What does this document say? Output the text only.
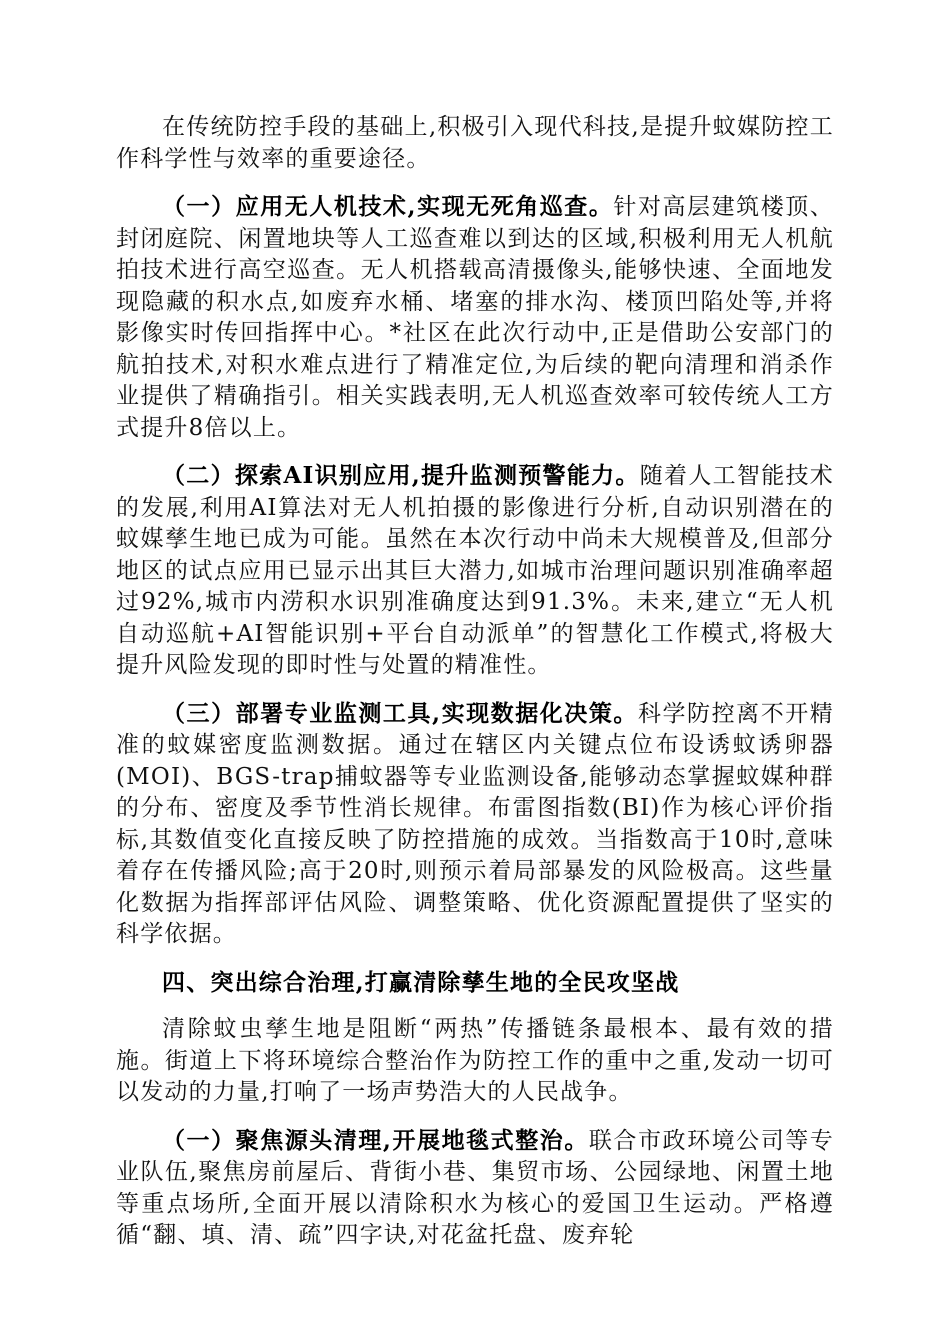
在传统防控手段的基础上,积极引入现代科技,是提升蚊媒防控工作科学性与效率的重要途径。

（一）应用无人机技术,实现无死角巡查。针对高层建筑楼顶、封闭庭院、闲置地块等人工巡查难以到达的区域,积极利用无人机航拍技术进行高空巡查。无人机搭载高清摄像头,能够快速、全面地发现隐藏的积水点,如废弃水桶、堵塞的排水沟、楼顶凹陷处等,并将影像实时传回指挥中心。*社区在此次行动中,正是借助公安部门的航拍技术,对积水难点进行了精准定位,为后续的靶向清理和消杀作业提供了精确指引。相关实践表明,无人机巡查效率可较传统人工方式提升8倍以上。

（二）探索AI识别应用,提升监测预警能力。随着人工智能技术的发展,利用AI算法对无人机拍摄的影像进行分析,自动识别潜在的蚊媒孳生地已成为可能。虽然在本次行动中尚未大规模普及,但部分地区的试点应用已显示出其巨大潜力,如城市治理问题识别准确率超过92%,城市内涝积水识别准确度达到91.3%。未来,建立“无人机自动巡航+AI智能识别+平台自动派单”的智慧化工作模式,将极大提升风险发现的即时性与处置的精准性。

（三）部署专业监测工具,实现数据化决策。科学防控离不开精准的蚊媒密度监测数据。通过在辖区内关键点位布设诱蚊诱卵器(MOI)、BGS-trap捕蚊器等专业监测设备,能够动态掌握蚊媒种群的分布、密度及季节性消长规律。布雷图指数(BI)作为核心评价指标,其数值变化直接反映了防控措施的成效。当指数高于10时,意味着存在传播风险;高于20时,则预示着局部暴发的风险极高。这些量化数据为指挥部评估风险、调整策略、优化资源配置提供了坚实的科学依据。

四、突出综合治理,打赢清除孳生地的全民攻坚战

清除蚊虫孳生地是阻断“两热”传播链条最根本、最有效的措施。街道上下将环境综合整治作为防控工作的重中之重,发动一切可以发动的力量,打响了一场声势浩大的人民战争。

（一）聚焦源头清理,开展地毯式整治。联合市政环境公司等专业队伍,聚焦房前屋后、背街小巷、集贸市场、公园绿地、闲置土地等重点场所,全面开展以清除积水为核心的爱国卫生运动。严格遵循“翻、填、清、疏”四字诀,对花盆托盘、废弃轮
